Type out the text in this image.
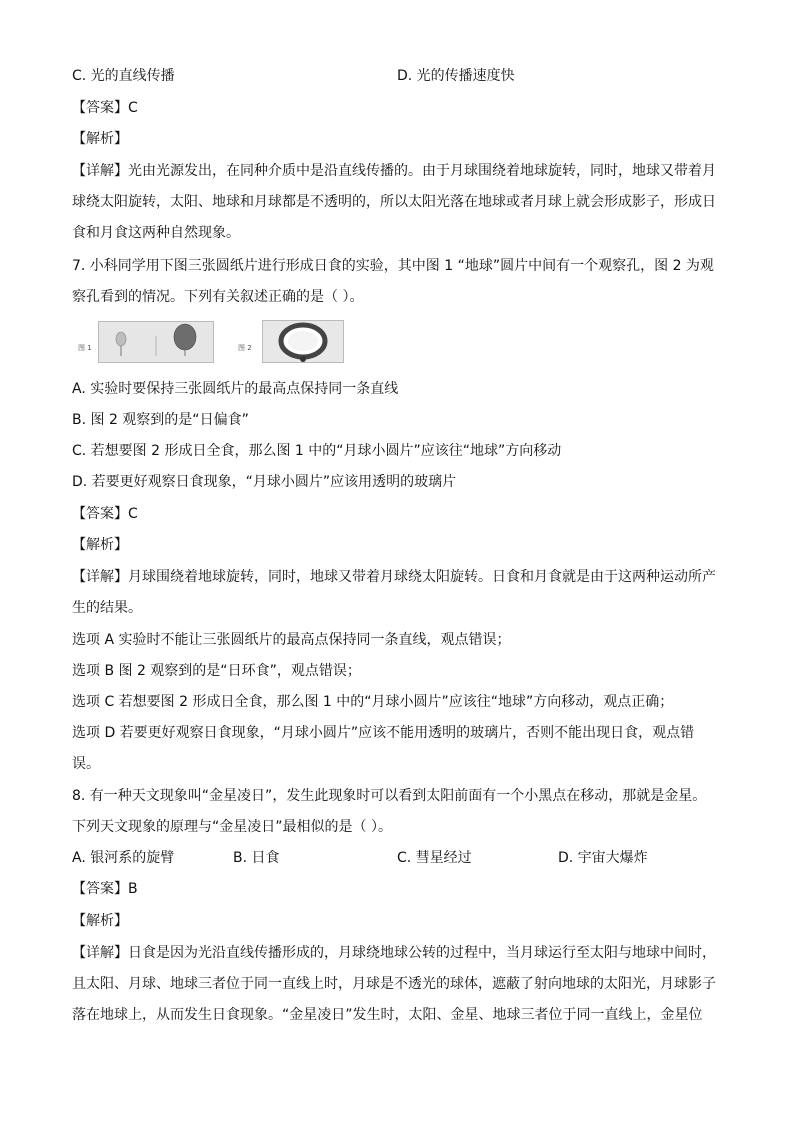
C. 光的直线传播	D. 光的传播速度快
【答案】C
【解析】
【详解】光由光源发出，在同种介质中是沿直线传播的。由于月球围绕着地球旋转，同时，地球又带着月
球绕太阳旋转，太阳、地球和月球都是不透明的，所以太阳光落在地球或者月球上就会形成影子，形成日
食和月食这两种自然现象。
7. 小科同学用下图三张圆纸片进行形成日食的实验，其中图 1 “地球”圆片中间有一个观察孔，图 2 为观
察孔看到的情况。下列有关叙述正确的是（ ）。
图 1	图 2
A. 实验时要保持三张圆纸片的最高点保持同一条直线
B. 图 2 观察到的是“日偏食”
C. 若想要图 2 形成日全食，那么图 1 中的“月球小圆片”应该往“地球”方向移动
D. 若要更好观察日食现象，“月球小圆片”应该用透明的玻璃片
【答案】C
【解析】
【详解】月球围绕着地球旋转，同时，地球又带着月球绕太阳旋转。日食和月食就是由于这两种运动所产
生的结果。
选项 A 实验时不能让三张圆纸片的最高点保持同一条直线，观点错误；
选项 B 图 2 观察到的是“日环食”，观点错误；
选项 C 若想要图 2 形成日全食，那么图 1 中的“月球小圆片”应该往“地球”方向移动，观点正确；
选项 D 若要更好观察日食现象，“月球小圆片”应该不能用透明的玻璃片，否则不能出现日食，观点错
误。
8. 有一种天文现象叫“金星凌日”，发生此现象时可以看到太阳前面有一个小黑点在移动，那就是金星。
下列天文现象的原理与“金星凌日”最相似的是（ ）。
A. 银河系的旋臂	B. 日食	C. 彗星经过	D. 宇宙大爆炸
【答案】B
【解析】
【详解】日食是因为光沿直线传播形成的，月球绕地球公转的过程中，当月球运行至太阳与地球中间时，
且太阳、月球、地球三者位于同一直线上时，月球是不透光的球体，遮蔽了射向地球的太阳光，月球影子
落在地球上，从而发生日食现象。“金星凌日”发生时，太阳、金星、地球三者位于同一直线上，金星位
